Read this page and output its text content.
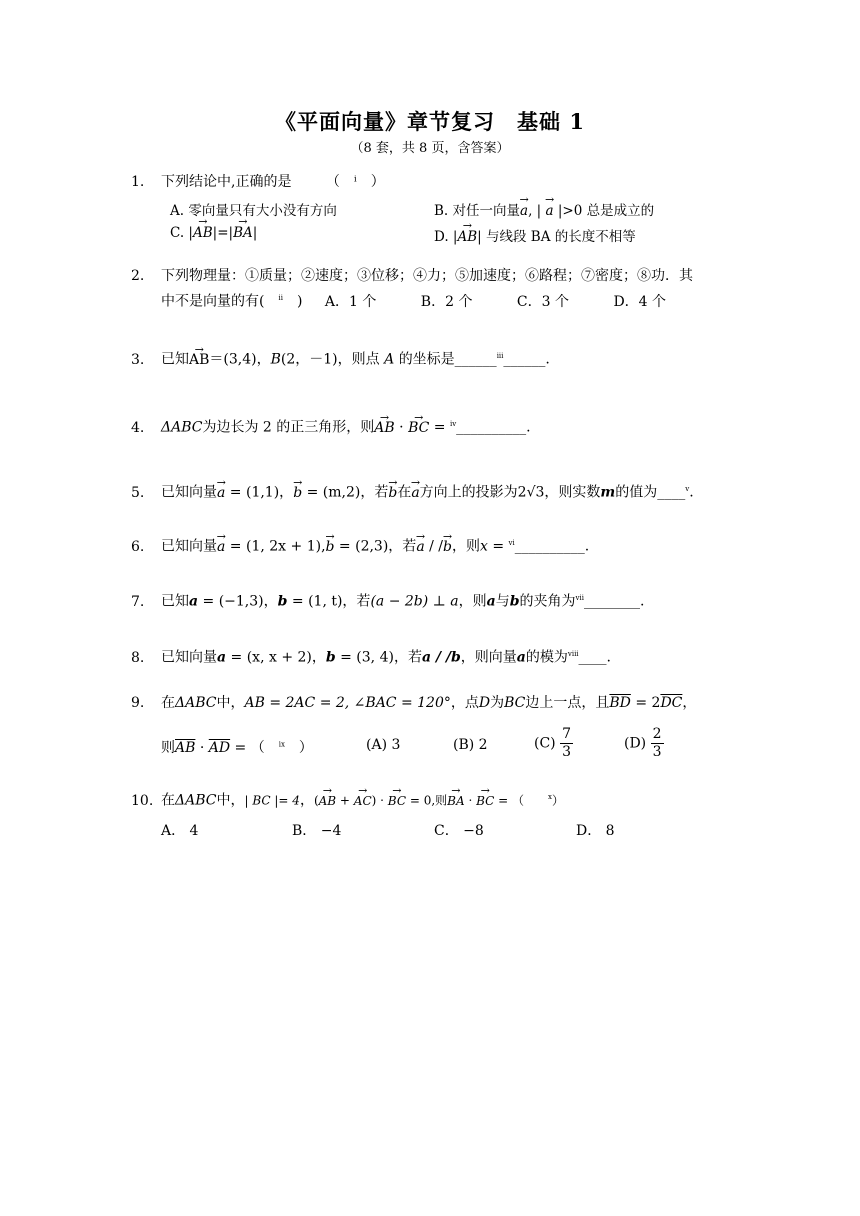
《平面向量》章节复习　基础 1
（8 套，共 8 页，含答案）
1. 下列结论中,正确的是 （　ⁱ　）
A. 零向量只有大小没有方向	B. 对任一向量→ a, | → a |>0 总是成立的
C. |→ AB|=|→ BA|	D. |→ AB| 与线段 BA 的长度不相等
2. 下列物理量：①质量；②速度；③位移；④力；⑤加速度；⑥路程；⑦密度；⑧功．其
中不是向量的有(　$^{ii}$　) A．1 个	B．2 个	C．3 个	D．4 个
3. 已知→ AB＝(3,4)，B(2，－1)，则点 A 的坐标是______$^{iii}$______.
4. ΔABC为边长为 2 的正三角形，则→ AB · → BC = $^{iv}$__________.
5. 已知向量→ a = (1,1)，→ b = (m,2)，若→ b在→ a方向上的投影为2√3，则实数m的值为____$^v$.
6. 已知向量→ a = (1, 2x + 1),→ b = (2,3)，若→ a / /→ b，则x = $^{vi}$__________.
7. 已知a = (−1,3)，b = (1, t)，若(a − 2b) ⊥ a，则a与b的夹角为$^{vii}$________.
8. 已知向量a = (x, x + 2)，b = (3, 4)，若a / /b，则向量a的模为$^{viii}$____.
9. 在ΔABC中，AB = 2AC = 2, ∠BAC = 120°，点D为BC边上一点，且$\overline{BD} = 2\overline{DC}$，
则$\overline{AB} \cdot \overline{AD}$ = （　$^{ix}$　）	(A) 3	(B) 2	$(C) \frac{7}{3}$	$(D) \frac{2}{3}$
10. 在ΔABC中，| BC |= 4，(→ AB + → AC) · → BC = 0,则→ BA · → BC = （　　$^x$）
A． 4	B． −4	C． −8	D． 8
